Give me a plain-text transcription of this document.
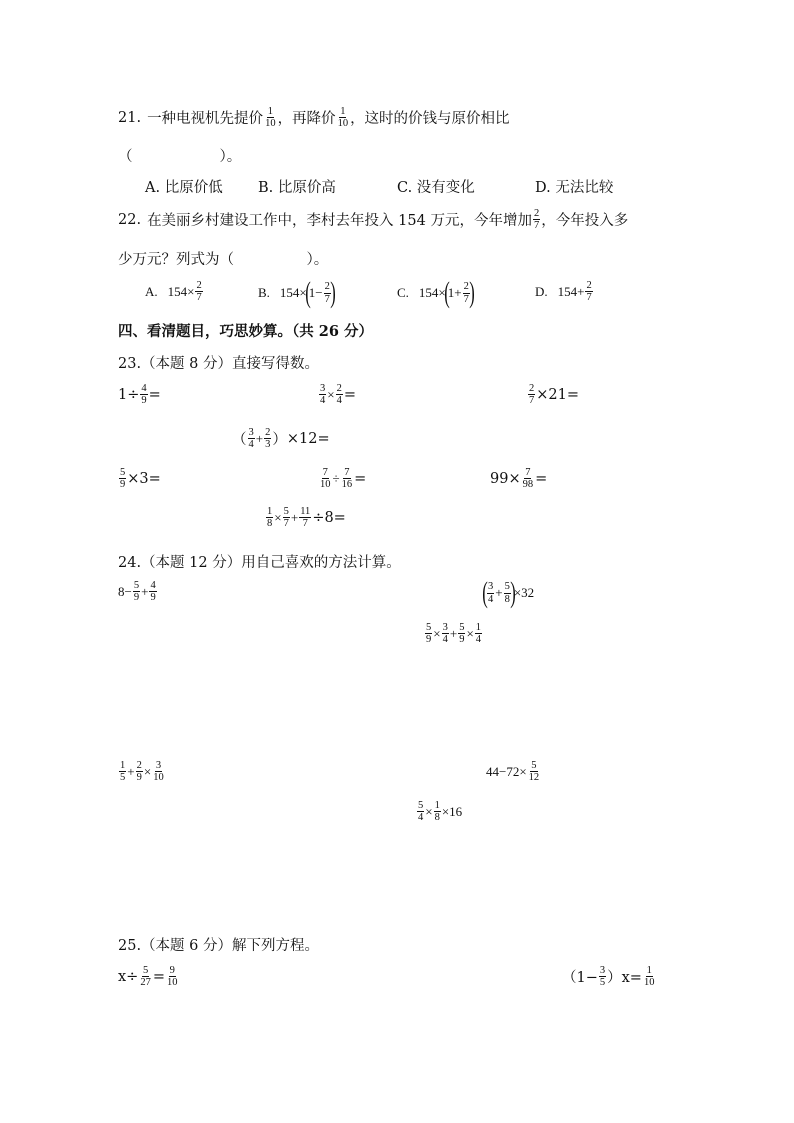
21. 一种电视机先提价 $\frac{1}{10}$ ，再降价 $\frac{1}{10}$ ，这时的价钱与原价相比
（　　　　　　）。
A. 比原价低 B. 比原价高	C. 没有变化	D. 无法比较
22. 在美丽乡村建设工作中，李村去年投入 154 万元，今年增加 $\frac{2}{7}$ ，今年投入多
少万元？列式为（　　　　　）。
A. $154\times \frac{2}{7}$	B. 154×
(
$1- \frac{2}{7}$ )	C. 154×
(
$1+ \frac{2}{7}$ )	D. $154+ \frac{2}{7}$
四、看清题目，巧思妙算。（共 26 分）
23.（本题 8 分）直接写得数。
$1\div \frac{4}{9}$ =	$\frac{3}{4} \times \frac{2}{4}$ =	$\frac{2}{7} \times 21=$
（ $\frac{3}{4} + \frac{2}{3}$ ） ×12=
$\frac{5}{9} \times 3=$	$\frac{7}{10} \div \frac{7}{16}$ =	$99\times \frac{7}{98}$ =
$\frac{1}{8} \times \frac{5}{7} + \frac{11}{7} \div 8=$
24.（本题 12 分）用自己喜欢的方法计算。
$8- \frac{5}{9} + \frac{4}{9}$	( $\frac{3}{4} + \frac{5}{8}$ )
×32
$\frac{5}{9} \times \frac{3}{4} + \frac{5}{9} \times \frac{1}{4}$
$\frac{1}{5} + \frac{2}{9} \times \frac{3}{10}$	$44-72\times \frac{5}{12}$
$\frac{5}{4} \times \frac{1}{8} \times 16$
25.（本题 6 分）解下列方程。
$x\div \frac{5}{27} = \frac{9}{10}$	$(1- \frac{3}{5} )x= \frac{1}{10}$
